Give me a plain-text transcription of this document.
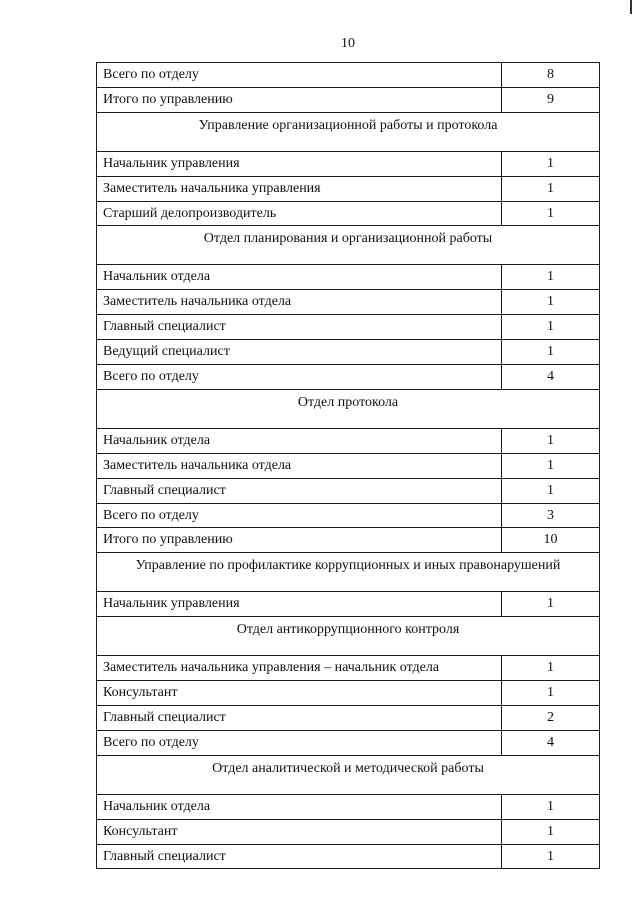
10
Всего по отделу	8
Итого по управлению	9
Управление организационной работы и протокола	
Начальник управления	1
Заместитель начальника управления	1
Старший делопроизводитель	1
Отдел планирования и организационной работы	
Начальник отдела	1
Заместитель начальника отдела	1
Главный специалист	1
Ведущий специалист	1
Всего по отделу	4
Отдел протокола	
Начальник отдела	1
Заместитель начальника отдела	1
Главный специалист	1
Всего по отделу	3
Итого по управлению	10
Управление по профилактике коррупционных и иных правонарушений	
Начальник управления	1
Отдел антикоррупционного контроля	
Заместитель начальника управления – начальник отдела	1
Консультант	1
Главный специалист	2
Всего по отделу	4
Отдел аналитической и методической работы	
Начальник отдела	1
Консультант	1
Главный специалист	1
